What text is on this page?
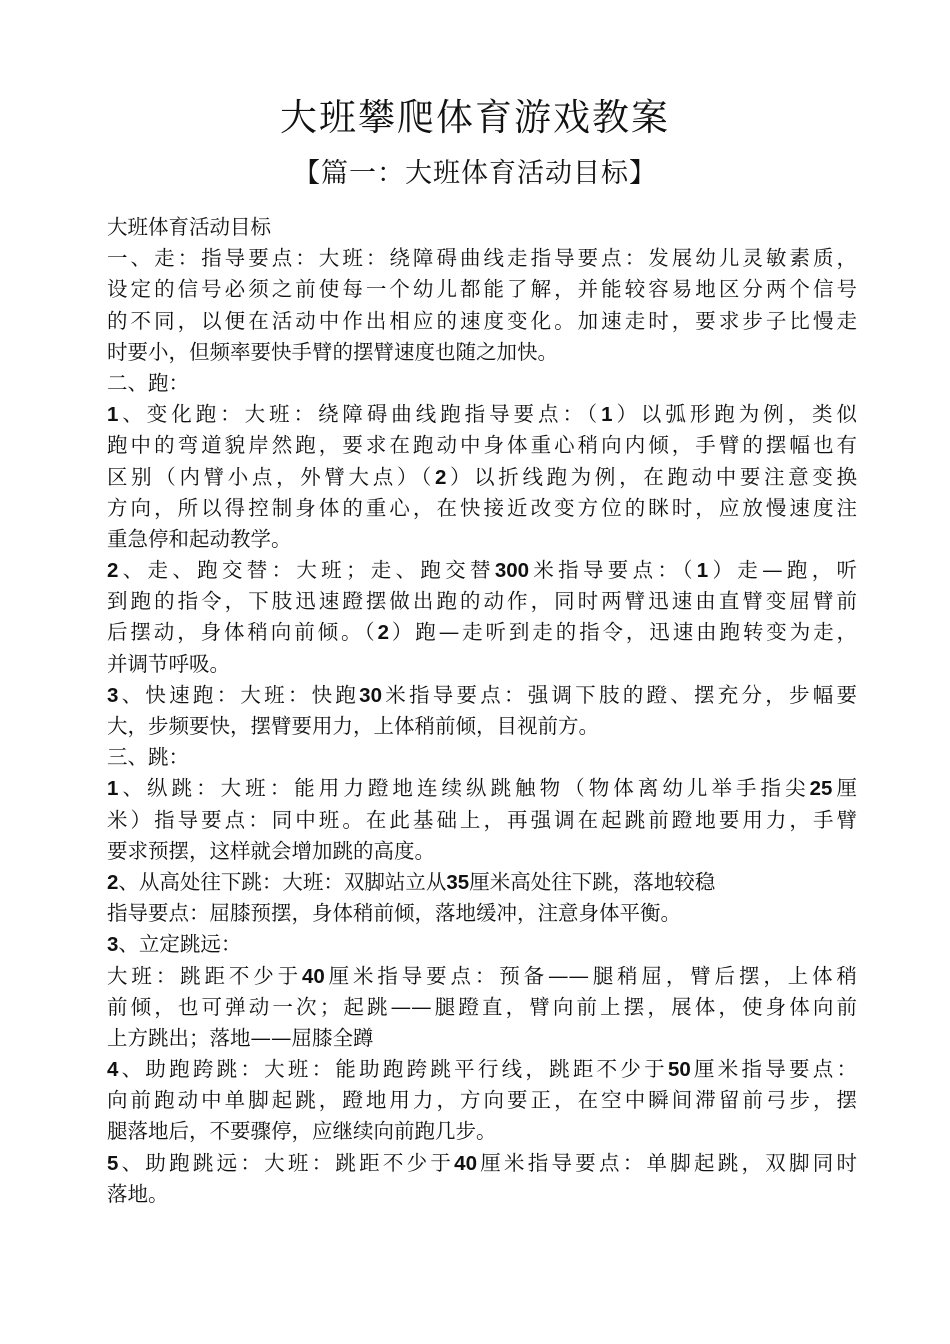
大班攀爬体育游戏教案
【篇一：大班体育活动目标】
大班体育活动目标
一、走：指导要点：大班：绕障碍曲线走指导要点：发展幼儿灵敏素质，
设定的信号必须之前使每一个幼儿都能了解，并能较容易地区分两个信号
的不同，以便在活动中作出相应的速度变化。加速走时，要求步子比慢走
时要小，但频率要快手臂的摆臂速度也随之加快。
二、跑：
1、变化跑：大班：绕障碍曲线跑指导要点：（1）以弧形跑为例，类似
跑中的弯道貌岸然跑，要求在跑动中身体重心稍向内倾，手臂的摆幅也有
区别（内臂小点，外臂大点）（2）以折线跑为例，在跑动中要注意变换
方向，所以得控制身体的重心，在快接近改变方位的眯时，应放慢速度注
重急停和起动教学。
2、走、跑交替：大班；走、跑交替300米指导要点：（1）走—跑，听
到跑的指令，下肢迅速蹬摆做出跑的动作，同时两臂迅速由直臂变屈臂前
后摆动，身体稍向前倾。（2）跑—走听到走的指令，迅速由跑转变为走，
并调节呼吸。
3、快速跑：大班：快跑30米指导要点：强调下肢的蹬、摆充分，步幅要
大，步频要快，摆臂要用力，上体稍前倾，目视前方。
三、跳：
1、纵跳：大班：能用力蹬地连续纵跳触物（物体离幼儿举手指尖25厘
米）指导要点：同中班。在此基础上，再强调在起跳前蹬地要用力，手臂
要求预摆，这样就会增加跳的高度。
2、从高处往下跳：大班：双脚站立从35厘米高处往下跳，落地较稳
指导要点：屈膝预摆，身体稍前倾，落地缓冲，注意身体平衡。
3、立定跳远：
大班：跳距不少于40厘米指导要点：预备——腿稍屈，臂后摆，上体稍
前倾，也可弹动一次；起跳——腿蹬直，臂向前上摆，展体，使身体向前
上方跳出；落地——屈膝全蹲
4、助跑跨跳：大班：能助跑跨跳平行线，跳距不少于50厘米指导要点：
向前跑动中单脚起跳，蹬地用力，方向要正，在空中瞬间滞留前弓步，摆
腿落地后，不要骤停，应继续向前跑几步。
5、助跑跳远：大班：跳距不少于40厘米指导要点：单脚起跳，双脚同时
落地。
